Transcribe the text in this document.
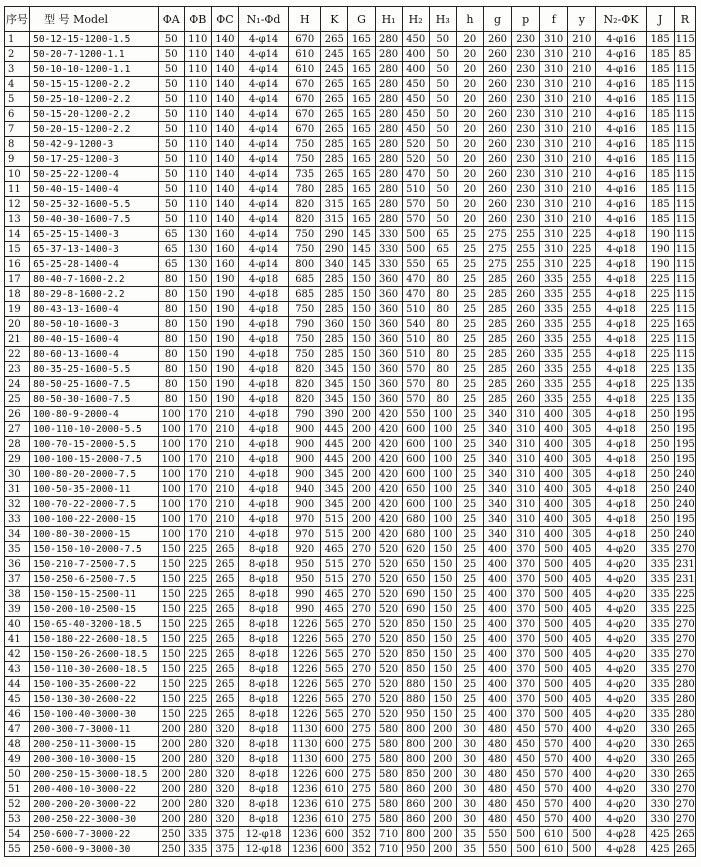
序号	型 号 Model	ΦA	ΦB	ΦC	N₁-Φd	H	K	G	H₁	H₂	H₃	h	g	p	f	y	N₂-ΦK	J	R
1	50-12-15-1200-1.5	50	110	140	4-φ14	670	265	165	280	450	50	20	260	230	310	210	4-φ16	185	115
2	50-20-7-1200-1.1	50	110	140	4-φ14	610	245	165	280	400	50	20	260	230	310	210	4-φ16	185	85
3	50-10-10-1200-1.1	50	110	140	4-φ14	610	245	165	280	400	50	20	260	230	310	210	4-φ16	185	115
4	50-15-15-1200-2.2	50	110	140	4-φ14	670	265	165	280	450	50	20	260	230	310	210	4-φ16	185	115
5	50-25-10-1200-2.2	50	110	140	4-φ14	670	265	165	280	450	50	20	260	230	310	210	4-φ16	185	115
6	50-15-20-1200-2.2	50	110	140	4-φ14	670	265	165	280	450	50	20	260	230	310	210	4-φ16	185	115
7	50-20-15-1200-2.2	50	110	140	4-φ14	670	265	165	280	450	50	20	260	230	310	210	4-φ16	185	115
8	50-42-9-1200-3	50	110	140	4-φ14	750	285	165	280	520	50	20	260	230	310	210	4-φ16	185	115
9	50-17-25-1200-3	50	110	140	4-φ14	750	285	165	280	520	50	20	260	230	310	210	4-φ16	185	115
10	50-25-22-1200-4	50	110	140	4-φ14	735	265	165	280	470	50	20	260	230	310	210	4-φ16	185	115
11	50-40-15-1400-4	50	110	140	4-φ14	780	285	165	280	510	50	20	260	230	310	210	4-φ16	185	115
12	50-25-32-1600-5.5	50	110	140	4-φ14	820	315	165	280	570	50	20	260	230	310	210	4-φ16	185	115
13	50-40-30-1600-7.5	50	110	140	4-φ14	820	315	165	280	570	50	20	260	230	310	210	4-φ16	185	115
14	65-25-15-1400-3	65	130	160	4-φ14	750	290	145	330	500	65	25	275	255	310	225	4-φ18	190	115
15	65-37-13-1400-3	65	130	160	4-φ14	750	290	145	330	500	65	25	275	255	310	225	4-φ18	190	115
16	65-25-28-1400-4	65	130	160	4-φ14	800	340	145	330	550	65	25	275	255	310	225	4-φ18	190	115
17	80-40-7-1600-2.2	80	150	190	4-φ18	685	285	150	360	470	80	25	285	260	335	255	4-φ18	225	115
18	80-29-8-1600-2.2	80	150	190	4-φ18	685	285	150	360	470	80	25	285	260	335	255	4-φ18	225	115
19	80-43-13-1600-4	80	150	190	4-φ18	750	285	150	360	510	80	25	285	260	335	255	4-φ18	225	115
20	80-50-10-1600-3	80	150	190	4-φ18	790	360	150	360	540	80	25	285	260	335	255	4-φ18	225	165
21	80-40-15-1600-4	80	150	190	4-φ18	750	285	150	360	510	80	25	285	260	335	255	4-φ18	225	115
22	80-60-13-1600-4	80	150	190	4-φ18	750	285	150	360	510	80	25	285	260	335	255	4-φ18	225	115
23	80-35-25-1600-5.5	80	150	190	4-φ18	820	345	150	360	570	80	25	285	260	335	255	4-φ18	225	135
24	80-50-25-1600-7.5	80	150	190	4-φ18	820	345	150	360	570	80	25	285	260	335	255	4-φ18	225	135
25	80-50-30-1600-7.5	80	150	190	4-φ18	820	345	150	360	570	80	25	285	260	335	255	4-φ18	225	135
26	100-80-9-2000-4	100	170	210	4-φ18	790	390	200	420	550	100	25	340	310	400	305	4-φ18	250	195
27	100-110-10-2000-5.5	100	170	210	4-φ18	900	445	200	420	600	100	25	340	310	400	305	4-φ18	250	195
28	100-70-15-2000-5.5	100	170	210	4-φ18	900	445	200	420	600	100	25	340	310	400	305	4-φ18	250	195
29	100-100-15-2000-7.5	100	170	210	4-φ18	900	445	200	420	600	100	25	340	310	400	305	4-φ18	250	195
30	100-80-20-2000-7.5	100	170	210	4-φ18	900	345	200	420	600	100	25	340	310	400	305	4-φ18	250	240
31	100-50-35-2000-11	100	170	210	4-φ18	940	345	200	420	650	100	25	340	310	400	305	4-φ18	250	240
32	100-70-22-2000-7.5	100	170	210	4-φ18	900	345	200	420	600	100	25	340	310	400	305	4-φ18	250	240
33	100-100-22-2000-15	100	170	210	4-φ18	970	515	200	420	680	100	25	340	310	400	305	4-φ18	250	195
34	100-80-30-2000-15	100	170	210	4-φ18	970	515	200	420	680	100	25	340	310	400	305	4-φ18	250	240
35	150-150-10-2000-7.5	150	225	265	8-φ18	920	465	270	520	620	150	25	400	370	500	405	4-φ20	335	270
36	150-210-7-2500-7.5	150	225	265	8-φ18	950	515	270	520	650	150	25	400	370	500	405	4-φ20	335	231
37	150-250-6-2500-7.5	150	225	265	8-φ18	950	515	270	520	650	150	25	400	370	500	405	4-φ20	335	231
38	150-150-15-2500-11	150	225	265	8-φ18	990	465	270	520	690	150	25	400	370	500	405	4-φ20	335	225
39	150-200-10-2500-15	150	225	265	8-φ18	990	465	270	520	690	150	25	400	370	500	405	4-φ20	335	225
40	150-65-40-3200-18.5	150	225	265	8-φ18	1226	565	270	520	850	150	25	400	370	500	405	4-φ20	335	270
41	150-180-22-2600-18.5	150	225	265	8-φ18	1226	565	270	520	850	150	25	400	370	500	405	4-φ20	335	270
42	150-150-26-2600-18.5	150	225	265	8-φ18	1226	565	270	520	850	150	25	400	370	500	405	4-φ20	335	270
43	150-110-30-2600-18.5	150	225	265	8-φ18	1226	565	270	520	850	150	25	400	370	500	405	4-φ20	335	270
44	150-100-35-2600-22	150	225	265	8-φ18	1226	565	270	520	880	150	25	400	370	500	405	4-φ20	335	280
45	150-130-30-2600-22	150	225	265	8-φ18	1226	565	270	520	880	150	25	400	370	500	405	4-φ20	335	280
46	150-100-40-3000-30	150	225	265	8-φ18	1226	565	270	520	950	150	25	400	370	500	405	4-φ20	335	280
47	200-300-7-3000-11	200	280	320	8-φ18	1130	600	275	580	800	200	30	480	450	570	400	4-φ20	330	265
48	200-250-11-3000-15	200	280	320	8-φ18	1130	600	275	580	800	200	30	480	450	570	400	4-φ20	330	265
49	200-300-10-3000-15	200	280	320	8-φ18	1130	600	275	580	800	200	30	480	450	570	400	4-φ20	330	265
50	200-250-15-3000-18.5	200	280	320	8-φ18	1226	600	275	580	850	200	30	480	450	570	400	4-φ20	330	265
51	200-400-10-3000-22	200	280	320	8-φ18	1236	610	275	580	860	200	30	480	450	570	400	4-φ20	330	270
52	200-200-20-3000-22	200	280	320	8-φ18	1236	610	275	580	860	200	30	480	450	570	400	4-φ20	330	270
53	200-250-22-3000-30	200	280	320	8-φ18	1236	610	275	580	860	200	30	480	450	570	400	4-φ20	330	270
54	250-600-7-3000-22	250	335	375	12-φ18	1236	600	352	710	800	200	35	550	500	610	500	4-φ28	425	265
55	250-600-9-3000-30	250	335	375	12-φ18	1236	600	352	710	950	200	35	550	500	610	500	4-φ28	425	265
